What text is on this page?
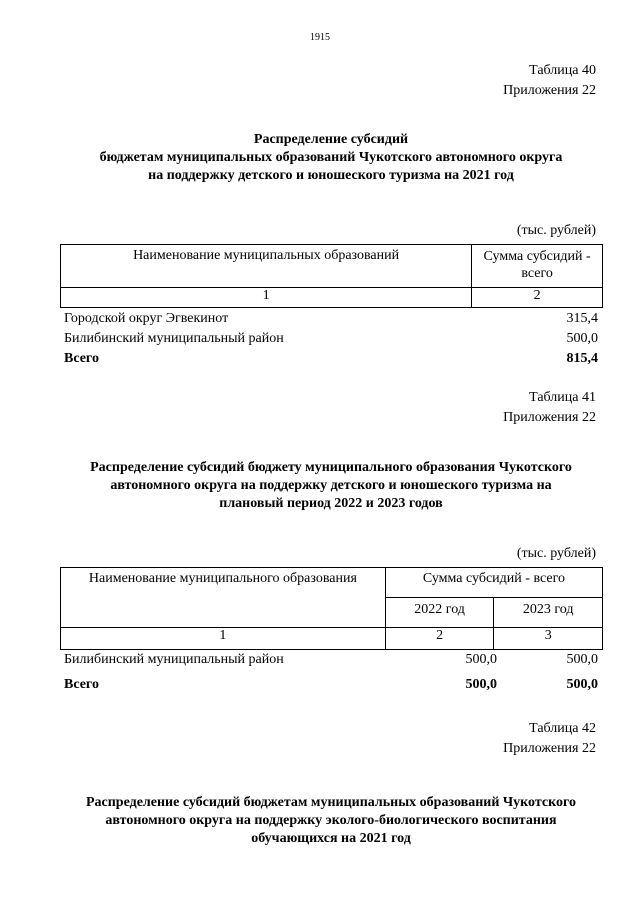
1915
Таблица 40
Приложения 22
Распределение субсидий
бюджетам муниципальных образований Чукотского автономного округа
на поддержку детского и юношеского туризма на 2021 год
(тыс. рублей)
Наименование муниципальных образований	Сумма субсидий -
всего

1	2
Городской округ Эгвекинот	315,4
Билибинский муниципальный район	500,0
Всего	815,4
Таблица 41
Приложения 22
Распределение субсидий бюджету муниципального образования Чукотского
автономного округа на поддержку детского и юношеского туризма на
плановый период 2022 и 2023 годов
(тыс. рублей)
Наименование муниципального образования	Сумма субсидий - всего	
	2022 год	2023 год
1	2	3
Билибинский муниципальный район	500,0	500,0
Всего	500,0	500,0
Таблица 42
Приложения 22
Распределение субсидий бюджетам муниципальных образований Чукотского
автономного округа на поддержку эколого-биологического воспитания
обучающихся на 2021 год
